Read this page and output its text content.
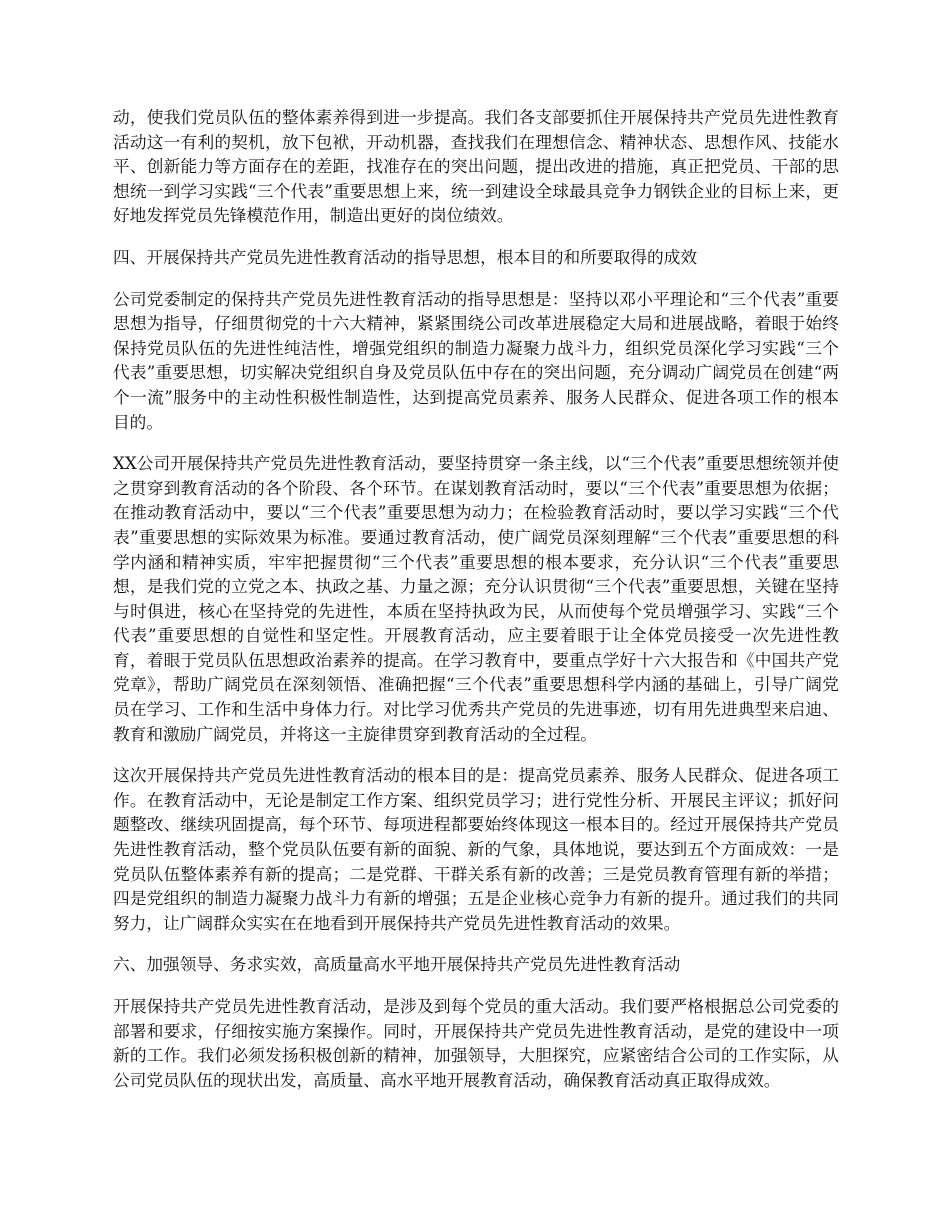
动，使我们党员队伍的整体素养得到进一步提高。我们各支部要抓住开展保持共产党员先进性教育活动这一有利的契机，放下包袱，开动机器，查找我们在理想信念、精神状态、思想作风、技能水平、创新能力等方面存在的差距，找准存在的突出问题，提出改进的措施，真正把党员、干部的思想统一到学习实践“三个代表”重要思想上来，统一到建设全球最具竞争力钢铁企业的目标上来，更好地发挥党员先锋模范作用，制造出更好的岗位绩效。

四、开展保持共产党员先进性教育活动的指导思想，根本目的和所要取得的成效

公司党委制定的保持共产党员先进性教育活动的指导思想是：坚持以邓小平理论和“三个代表”重要思想为指导，仔细贯彻党的十六大精神，紧紧围绕公司改革进展稳定大局和进展战略，着眼于始终保持党员队伍的先进性纯洁性，增强党组织的制造力凝聚力战斗力，组织党员深化学习实践“三个代表”重要思想，切实解决党组织自身及党员队伍中存在的突出问题，充分调动广阔党员在创建“两个一流”服务中的主动性积极性制造性，达到提高党员素养、服务人民群众、促进各项工作的根本目的。

XX公司开展保持共产党员先进性教育活动，要坚持贯穿一条主线，以“三个代表”重要思想统领并使之贯穿到教育活动的各个阶段、各个环节。在谋划教育活动时，要以“三个代表”重要思想为依据；在推动教育活动中，要以“三个代表”重要思想为动力；在检验教育活动时，要以学习实践“三个代表”重要思想的实际效果为标准。要通过教育活动，使广阔党员深刻理解“三个代表”重要思想的科学内涵和精神实质，牢牢把握贯彻“三个代表”重要思想的根本要求，充分认识“三个代表”重要思想，是我们党的立党之本、执政之基、力量之源；充分认识贯彻“三个代表”重要思想，关键在坚持与时俱进，核心在坚持党的先进性，本质在坚持执政为民，从而使每个党员增强学习、实践“三个代表”重要思想的自觉性和坚定性。开展教育活动，应主要着眼于让全体党员接受一次先进性教育，着眼于党员队伍思想政治素养的提高。在学习教育中，要重点学好十六大报告和《中国共产党党章》，帮助广阔党员在深刻领悟、准确把握“三个代表”重要思想科学内涵的基础上，引导广阔党员在学习、工作和生活中身体力行。对比学习优秀共产党员的先进事迹，切有用先进典型来启迪、教育和激励广阔党员，并将这一主旋律贯穿到教育活动的全过程。

这次开展保持共产党员先进性教育活动的根本目的是：提高党员素养、服务人民群众、促进各项工作。在教育活动中，无论是制定工作方案、组织党员学习；进行党性分析、开展民主评议；抓好问题整改、继续巩固提高，每个环节、每项进程都要始终体现这一根本目的。经过开展保持共产党员先进性教育活动，整个党员队伍要有新的面貌、新的气象，具体地说，要达到五个方面成效：一是党员队伍整体素养有新的提高；二是党群、干群关系有新的改善；三是党员教育管理有新的举措；四是党组织的制造力凝聚力战斗力有新的增强；五是企业核心竞争力有新的提升。通过我们的共同努力，让广阔群众实实在在地看到开展保持共产党员先进性教育活动的效果。

六、加强领导、务求实效，高质量高水平地开展保持共产党员先进性教育活动

开展保持共产党员先进性教育活动，是涉及到每个党员的重大活动。我们要严格根据总公司党委的部署和要求，仔细按实施方案操作。同时，开展保持共产党员先进性教育活动，是党的建设中一项新的工作。我们必须发扬积极创新的精神，加强领导，大胆探究，应紧密结合公司的工作实际，从公司党员队伍的现状出发，高质量、高水平地开展教育活动，确保教育活动真正取得成效。
